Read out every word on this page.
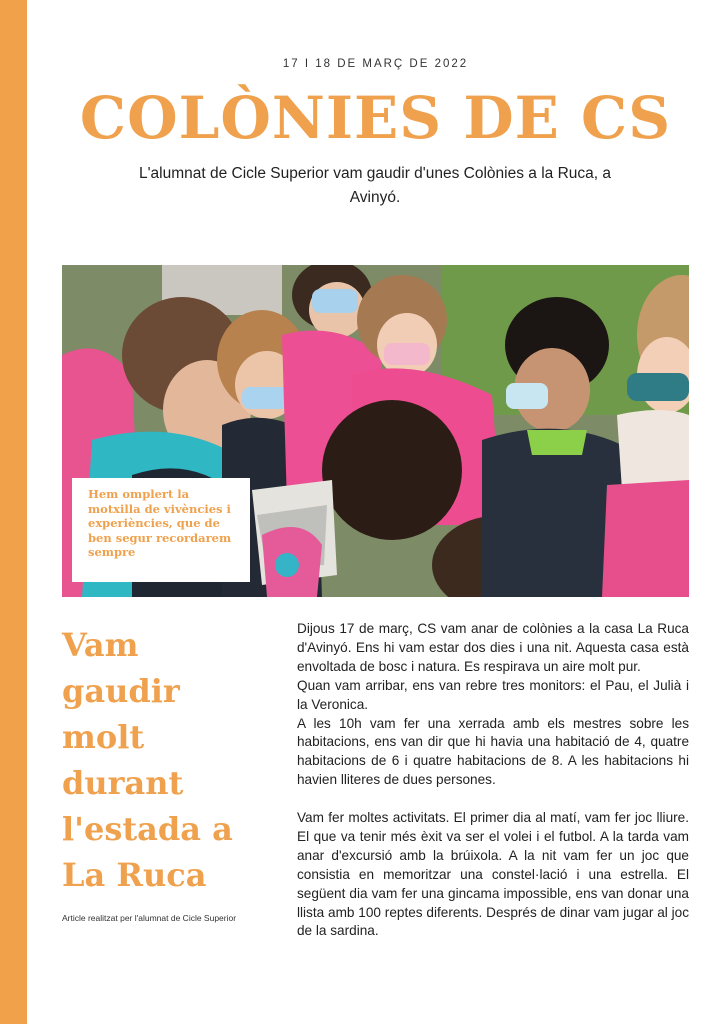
17 I 18 DE MARÇ DE 2022
COLÒNIES DE CS
L'alumnat de Cicle Superior vam gaudir d'unes Colònies a la Ruca, a Avinyó.

Hem omplert la motxilla de vivències i experiències, que de ben segur recordarem sempre

Vam gaudir molt durant l'estada a La Ruca
Article realitzat per l'alumnat de Cicle Superior

Dijous 17 de març, CS vam anar de colònies a la casa La Ruca d'Avinyó. Ens hi vam estar dos dies i una nit. Aquesta casa està envoltada de bosc i natura. Es respirava un aire molt pur.

Quan vam arribar, ens van rebre tres monitors: el Pau, el Julià i la Veronica.

A les 10h vam fer una xerrada amb els mestres sobre les habitacions, ens van dir que hi havia una habitació de 4, quatre habitacions de 6 i quatre habitacions de 8. A les habitacions hi havien lliteres de dues persones.

Vam fer moltes activitats. El primer dia al matí, vam fer joc lliure. El que va tenir més èxit va ser el volei i el futbol. A la tarda vam anar d'excursió amb la brúixola. A la nit vam fer un joc que consistia en memoritzar una constel·lació i una estrella. El següent dia vam fer una gincama impossible, ens van donar una llista amb 100 reptes diferents. Després de dinar vam jugar al joc de la sardina.
